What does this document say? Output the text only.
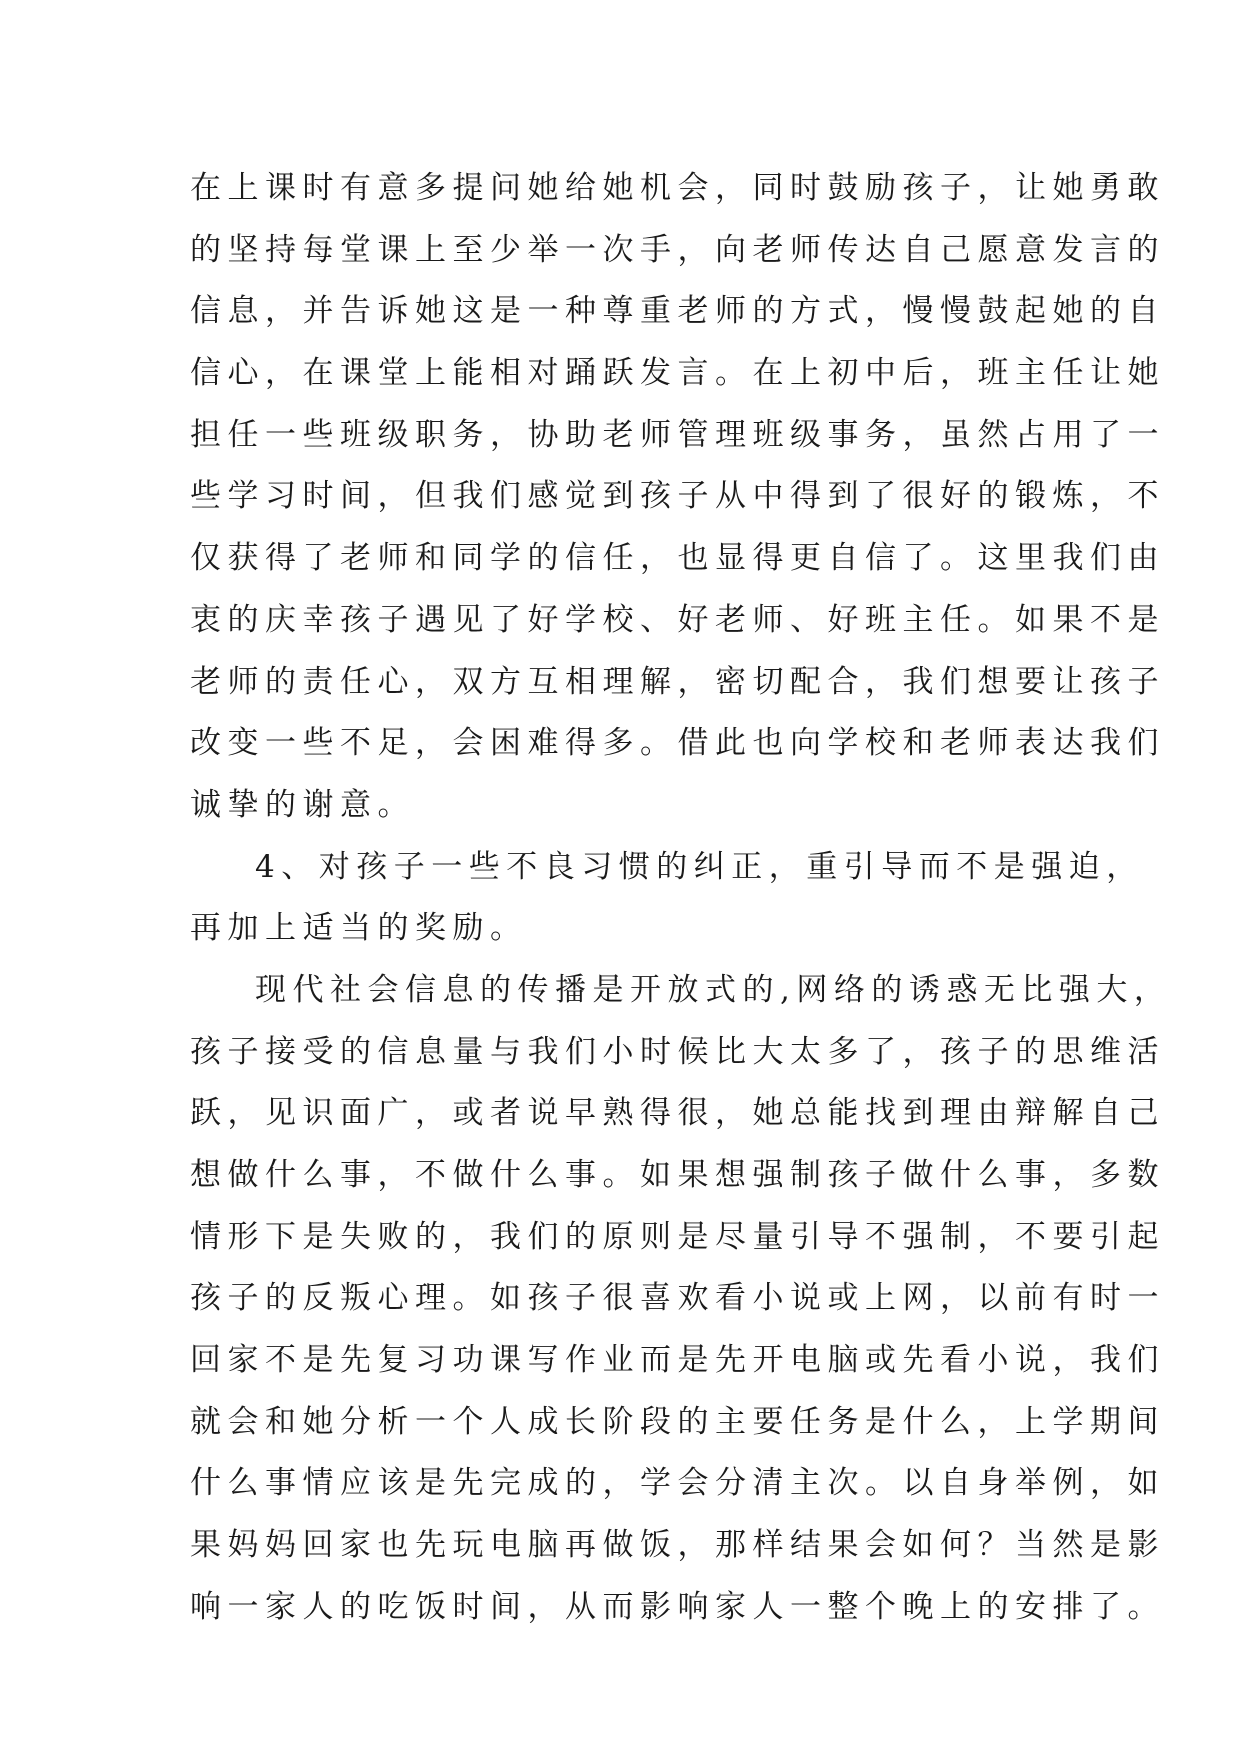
在上课时有意多提问她给她机会，同时鼓励孩子，让她勇敢
的坚持每堂课上至少举一次手，向老师传达自己愿意发言的
信息，并告诉她这是一种尊重老师的方式，慢慢鼓起她的自
信心，在课堂上能相对踊跃发言。在上初中后，班主任让她
担任一些班级职务，协助老师管理班级事务，虽然占用了一
些学习时间，但我们感觉到孩子从中得到了很好的锻炼，不
仅获得了老师和同学的信任，也显得更自信了。这里我们由
衷的庆幸孩子遇见了好学校、好老师、好班主任。如果不是
老师的责任心，双方互相理解，密切配合，我们想要让孩子
改变一些不足，会困难得多。借此也向学校和老师表达我们
诚挚的谢意。
4、对孩子一些不良习惯的纠正，重引导而不是强迫，
再加上适当的奖励。
现代社会信息的传播是开放式的,网络的诱惑无比强大，
孩子接受的信息量与我们小时候比大太多了，孩子的思维活
跃，见识面广，或者说早熟得很，她总能找到理由辩解自己
想做什么事，不做什么事。如果想强制孩子做什么事，多数
情形下是失败的，我们的原则是尽量引导不强制，不要引起
孩子的反叛心理。如孩子很喜欢看小说或上网，以前有时一
回家不是先复习功课写作业而是先开电脑或先看小说，我们
就会和她分析一个人成长阶段的主要任务是什么，上学期间
什么事情应该是先完成的，学会分清主次。以自身举例，如
果妈妈回家也先玩电脑再做饭，那样结果会如何？当然是影
响一家人的吃饭时间，从而影响家人一整个晚上的安排了。
